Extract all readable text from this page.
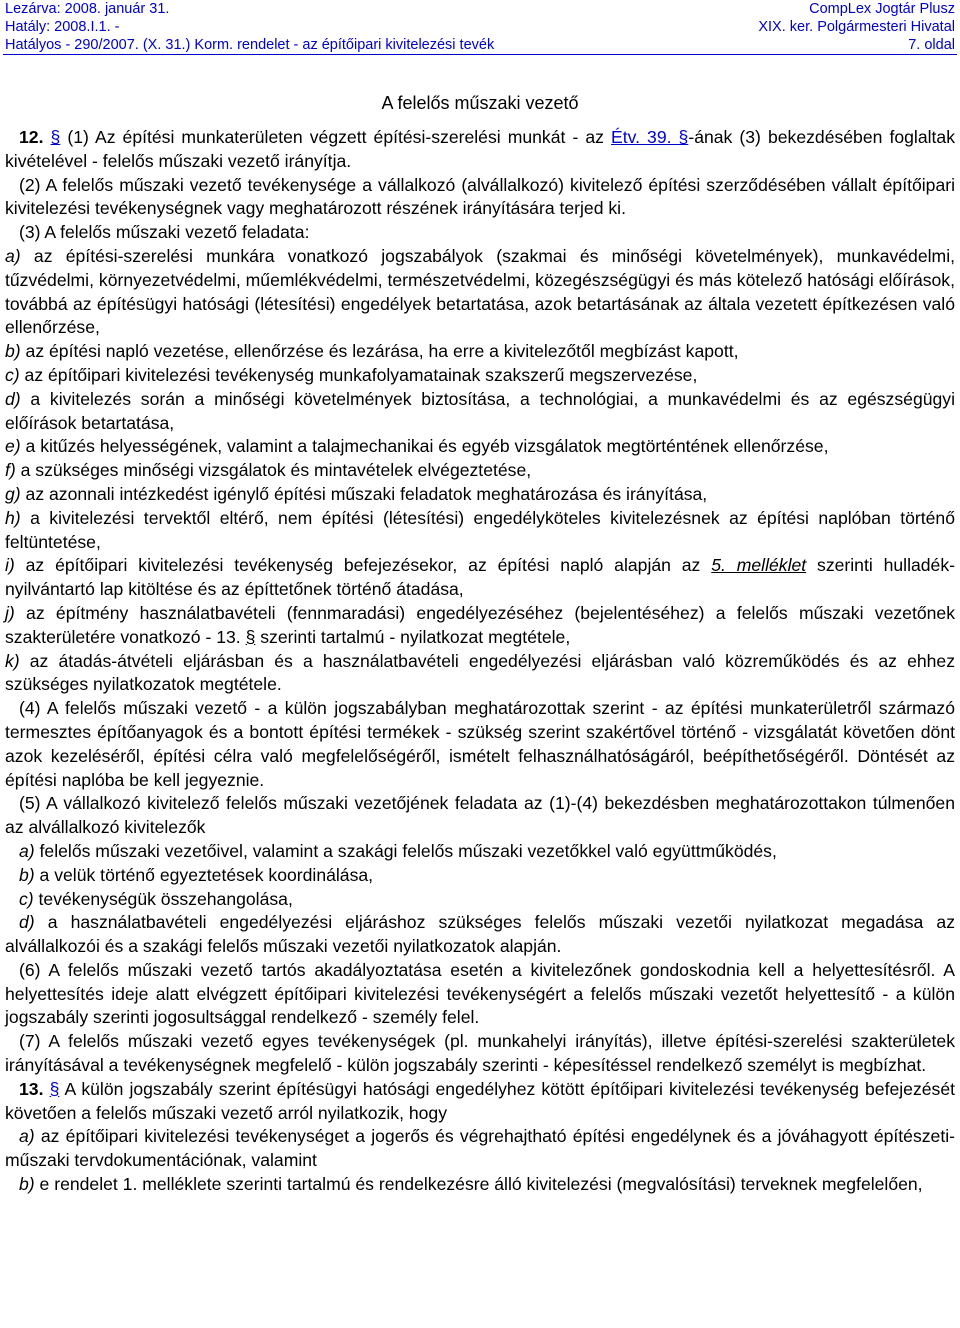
Lezárva: 2008. január 31.
Hatály: 2008.I.1. -
Hatályos - 290/2007. (X. 31.) Korm. rendelet - az építőipari kivitelezési tevék
CompLex Jogtár Plusz
XIX. ker. Polgármesteri Hivatal
7. oldal
A felelős műszaki vezető

12. § (1) Az építési munkaterületen végzett építési-szerelési munkát - az Étv. 39. §-ának (3) bekezdésében foglaltak kivételével - felelős műszaki vezető irányítja.

(2) A felelős műszaki vezető tevékenysége a vállalkozó (alvállalkozó) kivitelező építési szerződésében vállalt építőipari kivitelezési tevékenységnek vagy meghatározott részének irányítására terjed ki.

(3) A felelős műszaki vezető feladata:

a) az építési-szerelési munkára vonatkozó jogszabályok (szakmai és minőségi követelmények), munkavédelmi, tűzvédelmi, környezetvédelmi, műemlékvédelmi, természetvédelmi, közegészségügyi és más kötelező hatósági előírások, továbbá az építésügyi hatósági (létesítési) engedélyek betartatása, azok betartásának az általa vezetett építkezésen való ellenőrzése,

b) az építési napló vezetése, ellenőrzése és lezárása, ha erre a kivitelezőtől megbízást kapott,

c) az építőipari kivitelezési tevékenység munkafolyamatainak szakszerű megszervezése,

d) a kivitelezés során a minőségi követelmények biztosítása, a technológiai, a munkavédelmi és az egészségügyi előírások betartatása,

e) a kitűzés helyességének, valamint a talajmechanikai és egyéb vizsgálatok megtörténtének ellenőrzése,

f) a szükséges minőségi vizsgálatok és mintavételek elvégeztetése,

g) az azonnali intézkedést igénylő építési műszaki feladatok meghatározása és irányítása,

h) a kivitelezési tervektől eltérő, nem építési (létesítési) engedélyköteles kivitelezésnek az építési naplóban történő feltüntetése,

i) az építőipari kivitelezési tevékenység befejezésekor, az építési napló alapján az 5. melléklet szerinti hulladék-nyilvántartó lap kitöltése és az építtetőnek történő átadása,

j) az építmény használatbavételi (fennmaradási) engedélyezéséhez (bejelentéséhez) a felelős műszaki vezetőnek szakterületére vonatkozó - 13. § szerinti tartalmú - nyilatkozat megtétele,

k) az átadás-átvételi eljárásban és a használatbavételi engedélyezési eljárásban való közreműködés és az ehhez szükséges nyilatkozatok megtétele.

(4) A felelős műszaki vezető - a külön jogszabályban meghatározottak szerint - az építési munkaterületről származó termesztes építőanyagok és a bontott építési termékek - szükség szerint szakértővel történő - vizsgálatát követően dönt azok kezeléséről, építési célra való megfelelőségéről, ismételt felhasználhatóságáról, beépíthetőségéről. Döntését az építési naplóba be kell jegyeznie.

(5) A vállalkozó kivitelező felelős műszaki vezetőjének feladata az (1)-(4) bekezdésben meghatározottakon túlmenően az alvállalkozó kivitelezők

a) felelős műszaki vezetőivel, valamint a szakági felelős műszaki vezetőkkel való együttműködés,

b) a velük történő egyeztetések koordinálása,

c) tevékenységük összehangolása,

d) a használatbavételi engedélyezési eljáráshoz szükséges felelős műszaki vezetői nyilatkozat megadása az alvállalkozói és a szakági felelős műszaki vezetői nyilatkozatok alapján.

(6) A felelős műszaki vezető tartós akadályoztatása esetén a kivitelezőnek gondoskodnia kell a helyettesítésről. A helyettesítés ideje alatt elvégzett építőipari kivitelezési tevékenységért a felelős műszaki vezetőt helyettesítő - a külön jogszabály szerinti jogosultsággal rendelkező - személy felel.

(7) A felelős műszaki vezető egyes tevékenységek (pl. munkahelyi irányítás), illetve építési-szerelési szakterületek irányításával a tevékenységnek megfelelő - külön jogszabály szerinti - képesítéssel rendelkező személyt is megbízhat.

13. § A külön jogszabály szerint építésügyi hatósági engedélyhez kötött építőipari kivitelezési tevékenység befejezését követően a felelős műszaki vezető arról nyilatkozik, hogy

a) az építőipari kivitelezési tevékenységet a jogerős és végrehajtható építési engedélynek és a jóváhagyott építészeti-műszaki tervdokumentációnak, valamint

b) e rendelet 1. melléklete szerinti tartalmú és rendelkezésre álló kivitelezési (megvalósítási) terveknek megfelelően,
